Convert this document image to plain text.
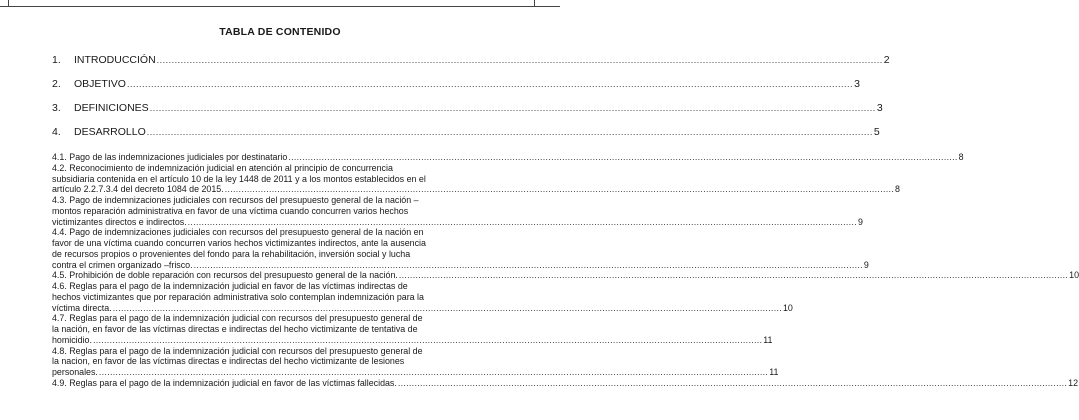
TABLA DE CONTENIDO
1.	INTRODUCCIÓN .................................................................................................................................................................................................................................................. 2
2.	OBJETIVO .................................................................................................................................................................................................................................................. 3
3.	DEFINICIONES .................................................................................................................................................................................................................................................. 3
4.	DESARROLLO .................................................................................................................................................................................................................................................. 5
4.1. Pago de las indemnizaciones judiciales por destinatario .................................................................................................................................................................................................................................................. 8
4.2. Reconocimiento de indemnización judicial en atención al principio de concurrencia
subsidiaria contenida en el artículo 10 de la ley 1448 de 2011 y a los montos establecidos en el
artículo 2.2.7.3.4 del decreto 1084 de 2015. .................................................................................................................................................................................................................................................. 8
4.3. Pago de indemnizaciones judiciales con recursos del presupuesto general de la nación –
montos reparación administrativa en favor de una víctima cuando concurren varios hechos
victimizantes directos e indirectos. .................................................................................................................................................................................................................................................. 9
4.4. Pago de indemnizaciones judiciales con recursos del presupuesto general de la nación en
favor de una víctima cuando concurren varios hechos victimizantes indirectos, ante la ausencia
de recursos propios o provenientes del fondo para la rehabilitación, inversión social y lucha
contra el crimen organizado –frisco. .................................................................................................................................................................................................................................................. 9
4.5. Prohibición de doble reparación con recursos del presupuesto general de la nación. .................................................................................................................................................................................................................................................. 10
4.6. Reglas para el pago de la indemnización judicial en favor de las víctimas indirectas de
hechos victimizantes que por reparación administrativa solo contemplan indemnización para la
víctima directa. .................................................................................................................................................................................................................................................. 10
4.7. Reglas para el pago de la indemnización judicial con recursos del presupuesto general de
la nación, en favor de las víctimas directas e indirectas del hecho victimizante de tentativa de
homicidio. .................................................................................................................................................................................................................................................. 11
4.8. Reglas para el pago de la indemnización judicial con recursos del presupuesto general de
la nacion, en favor de las víctimas directas e indirectas del hecho victimizante de lesiones
personales. .................................................................................................................................................................................................................................................. 11
4.9. Reglas para el pago de la indemnización judicial en favor de las víctimas fallecidas. .................................................................................................................................................................................................................................................. 12
